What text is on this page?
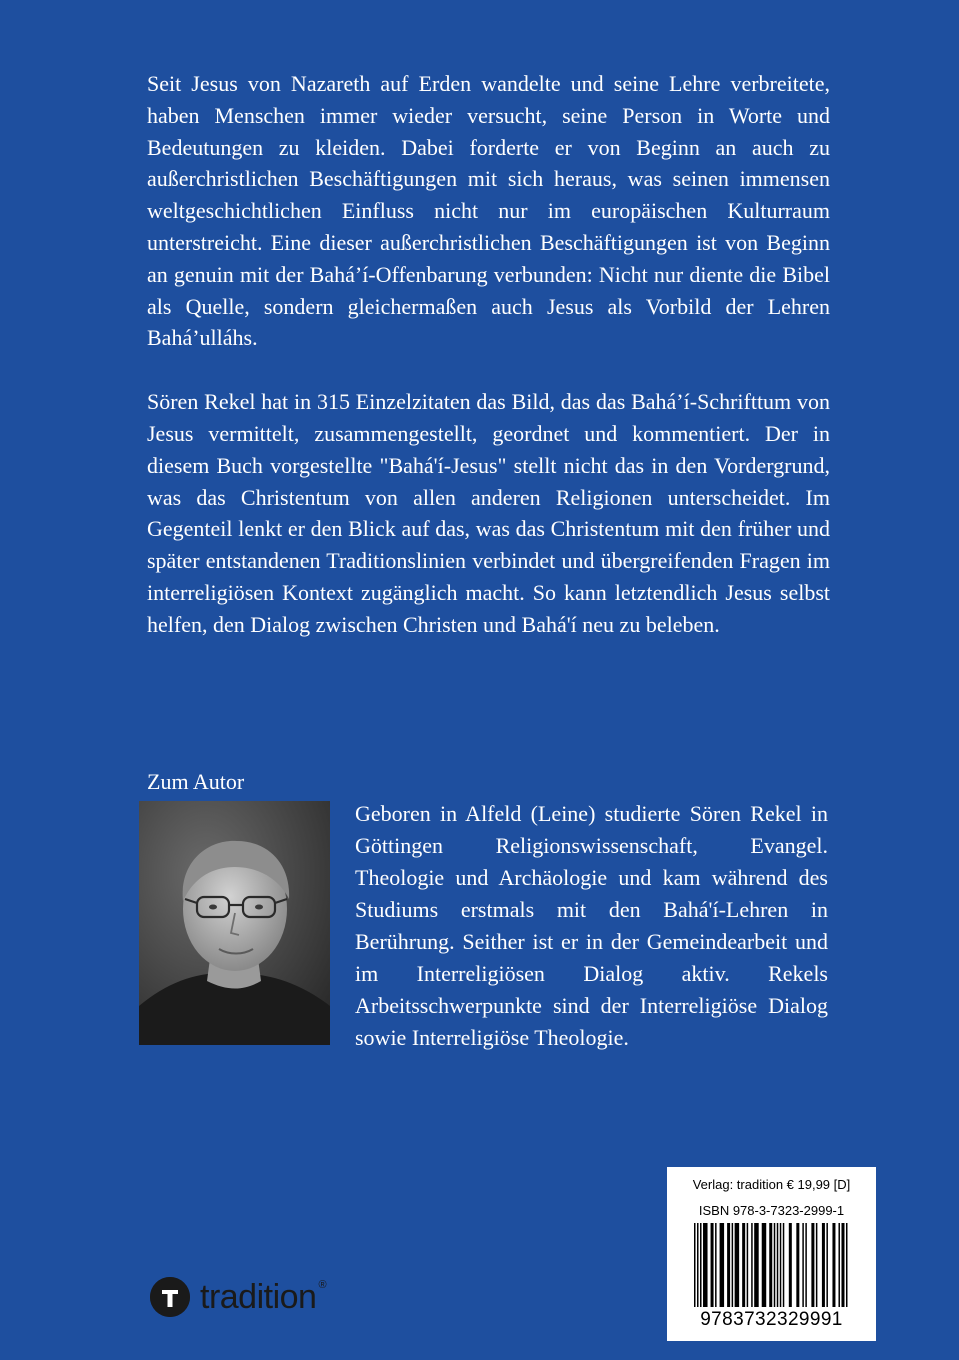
Seit Jesus von Nazareth auf Erden wandelte und seine Lehre verbreitete, haben Menschen immer wieder versucht, seine Person in Worte und Bedeutungen zu kleiden. Dabei forderte er von Beginn an auch zu außerchristlichen Beschäftigungen mit sich heraus, was seinen immensen weltgeschichtlichen Einfluss nicht nur im europäischen Kulturraum unterstreicht. Eine dieser außerchristlichen Beschäftigungen ist von Beginn an genuin mit der Bahá’í-Offenbarung verbunden: Nicht nur diente die Bibel als Quelle, sondern gleichermaßen auch Jesus als Vorbild der Lehren Bahá’ulláhs.

Sören Rekel hat in 315 Einzelzitaten das Bild, das das Bahá’í-Schrifttum von Jesus vermittelt, zusammengestellt, geordnet und kommentiert. Der in diesem Buch vorgestellte "Bahá'í-Jesus" stellt nicht das in den Vordergrund, was das Christentum von allen anderen Religionen unterscheidet. Im Gegenteil lenkt er den Blick auf das, was das Christentum mit den früher und später entstandenen Traditionslinien verbindet und übergreifenden Fragen im interreligiösen Kontext zugänglich macht. So kann letztendlich Jesus selbst helfen, den Dialog zwischen Christen und Bahá'í neu zu beleben.

Zum Autor
Geboren in Alfeld (Leine) studierte Sören Rekel in Göttingen Religionswissenschaft, Evangel. Theologie und Archäologie und kam während des Studiums erstmals mit den Bahá'í-Lehren in Berührung. Seither ist er in der Gemeindearbeit und im Interreligiösen Dialog aktiv. Rekels Arbeitsschwerpunkte sind der Interreligiöse Dialog sowie Interreligiöse Theologie.
tradition ®
Verlag: tradition € 19,99 [D]
ISBN 978-3-7323-2999-1
9783732329991
